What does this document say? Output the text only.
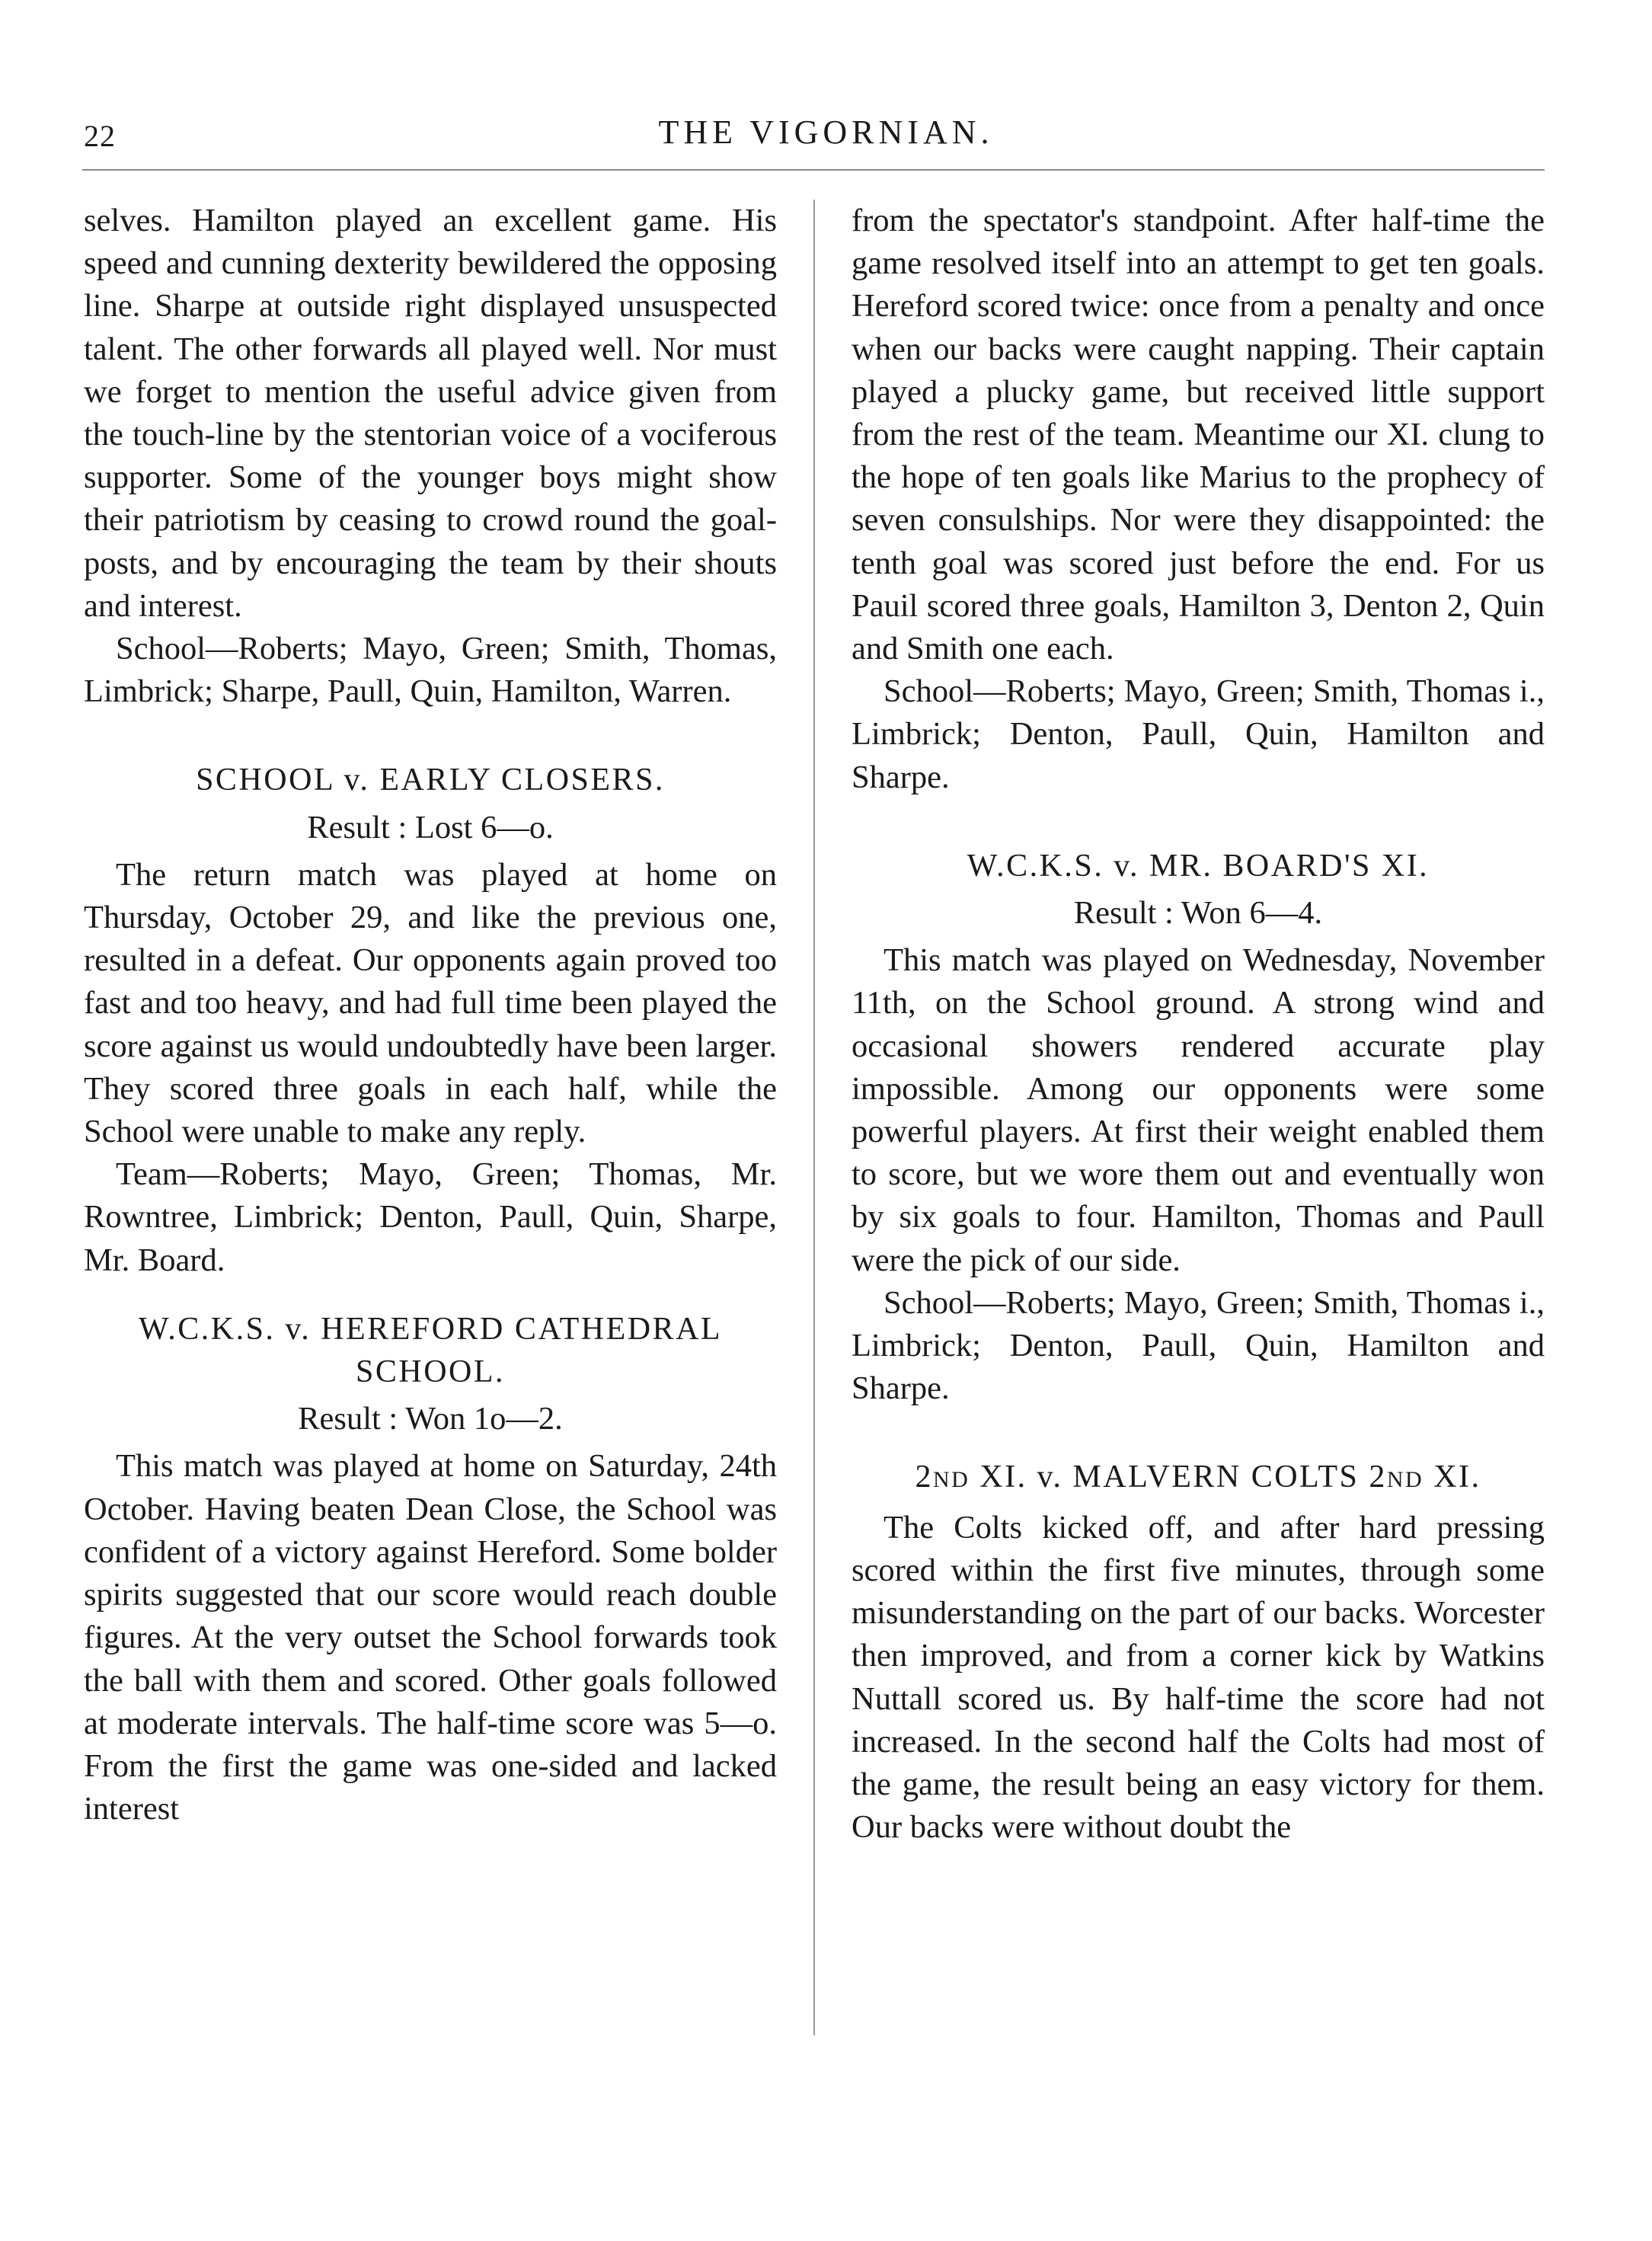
22	THE VIGORNIAN.

selves. Hamilton played an excellent game. His speed and cunning dexterity bewildered the opposing line. Sharpe at outside right displayed unsuspected talent. The other forwards all played well. Nor must we forget to mention the useful advice given from the touch-line by the stentorian voice of a vociferous supporter. Some of the younger boys might show their patriotism by ceasing to crowd round the goal-posts, and by encouraging the team by their shouts and interest.

School—Roberts; Mayo, Green; Smith, Thomas, Limbrick; Sharpe, Paull, Quin, Hamilton, Warren.

SCHOOL v. EARLY CLOSERS.
Result : Lost 6—o.

The return match was played at home on Thursday, October 29, and like the previous one, resulted in a defeat. Our opponents again proved too fast and too heavy, and had full time been played the score against us would undoubtedly have been larger. They scored three goals in each half, while the School were unable to make any reply.

Team—Roberts; Mayo, Green; Thomas, Mr. Rowntree, Limbrick; Denton, Paull, Quin, Sharpe, Mr. Board.

W.C.K.S. v. HEREFORD CATHEDRAL SCHOOL.
Result : Won 1o—2.

This match was played at home on Saturday, 24th October. Having beaten Dean Close, the School was confident of a victory against Hereford. Some bolder spirits suggested that our score would reach double figures. At the very outset the School forwards took the ball with them and scored. Other goals followed at moderate intervals. The half-time score was 5—o. From the first the game was one-sided and lacked interest

from the spectator's standpoint. After half-time the game resolved itself into an attempt to get ten goals. Hereford scored twice: once from a penalty and once when our backs were caught napping. Their captain played a plucky game, but received little support from the rest of the team. Meantime our XI. clung to the hope of ten goals like Marius to the prophecy of seven consulships. Nor were they disappointed: the tenth goal was scored just before the end. For us Pauil scored three goals, Hamilton 3, Denton 2, Quin and Smith one each.

School—Roberts; Mayo, Green; Smith, Thomas i., Limbrick; Denton, Paull, Quin, Hamilton and Sharpe.

W.C.K.S. v. MR. BOARD'S XI.
Result : Won 6—4.

This match was played on Wednesday, November 11th, on the School ground. A strong wind and occasional showers rendered accurate play impossible. Among our opponents were some powerful players. At first their weight enabled them to score, but we wore them out and eventually won by six goals to four. Hamilton, Thomas and Paull were the pick of our side.

School—Roberts; Mayo, Green; Smith, Thomas i., Limbrick; Denton, Paull, Quin, Hamilton and Sharpe.

2ND XI. v. MALVERN COLTS 2ND XI.

The Colts kicked off, and after hard pressing scored within the first five minutes, through some misunderstanding on the part of our backs. Worcester then improved, and from a corner kick by Watkins Nuttall scored us. By half-time the score had not increased. In the second half the Colts had most of the game, the result being an easy victory for them. Our backs were without doubt the
